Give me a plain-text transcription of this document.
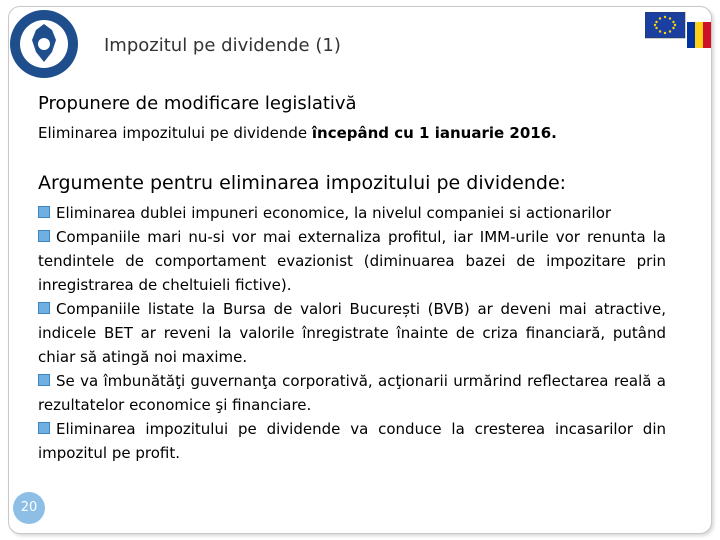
Impozitul pe dividende (1)
Propunere de modificare legislativă
Eliminarea impozitului pe dividende începând cu 1 ianuarie 2016.
Argumente pentru eliminarea impozitului pe dividende:

Eliminarea dublei impuneri economice, la nivelul companiei si actionarilor

Companiile mari nu-si vor mai externaliza profitul, iar IMM-urile vor renunta la tendintele de comportament evazionist (diminuarea bazei de impozitare prin inregistrarea de cheltuieli fictive).

Companiile listate la Bursa de valori București (BVB) ar deveni mai atractive, indicele BET ar reveni la valorile înregistrate înainte de criza financiară, putând chiar să atingă noi maxime.

Se va îmbunătăţi guvernanţa corporativă, acţionarii urmărind reflectarea reală a rezultatelor economice şi financiare.

Eliminarea impozitului pe dividende va conduce la cresterea incasarilor din impozitul pe profit.

20
